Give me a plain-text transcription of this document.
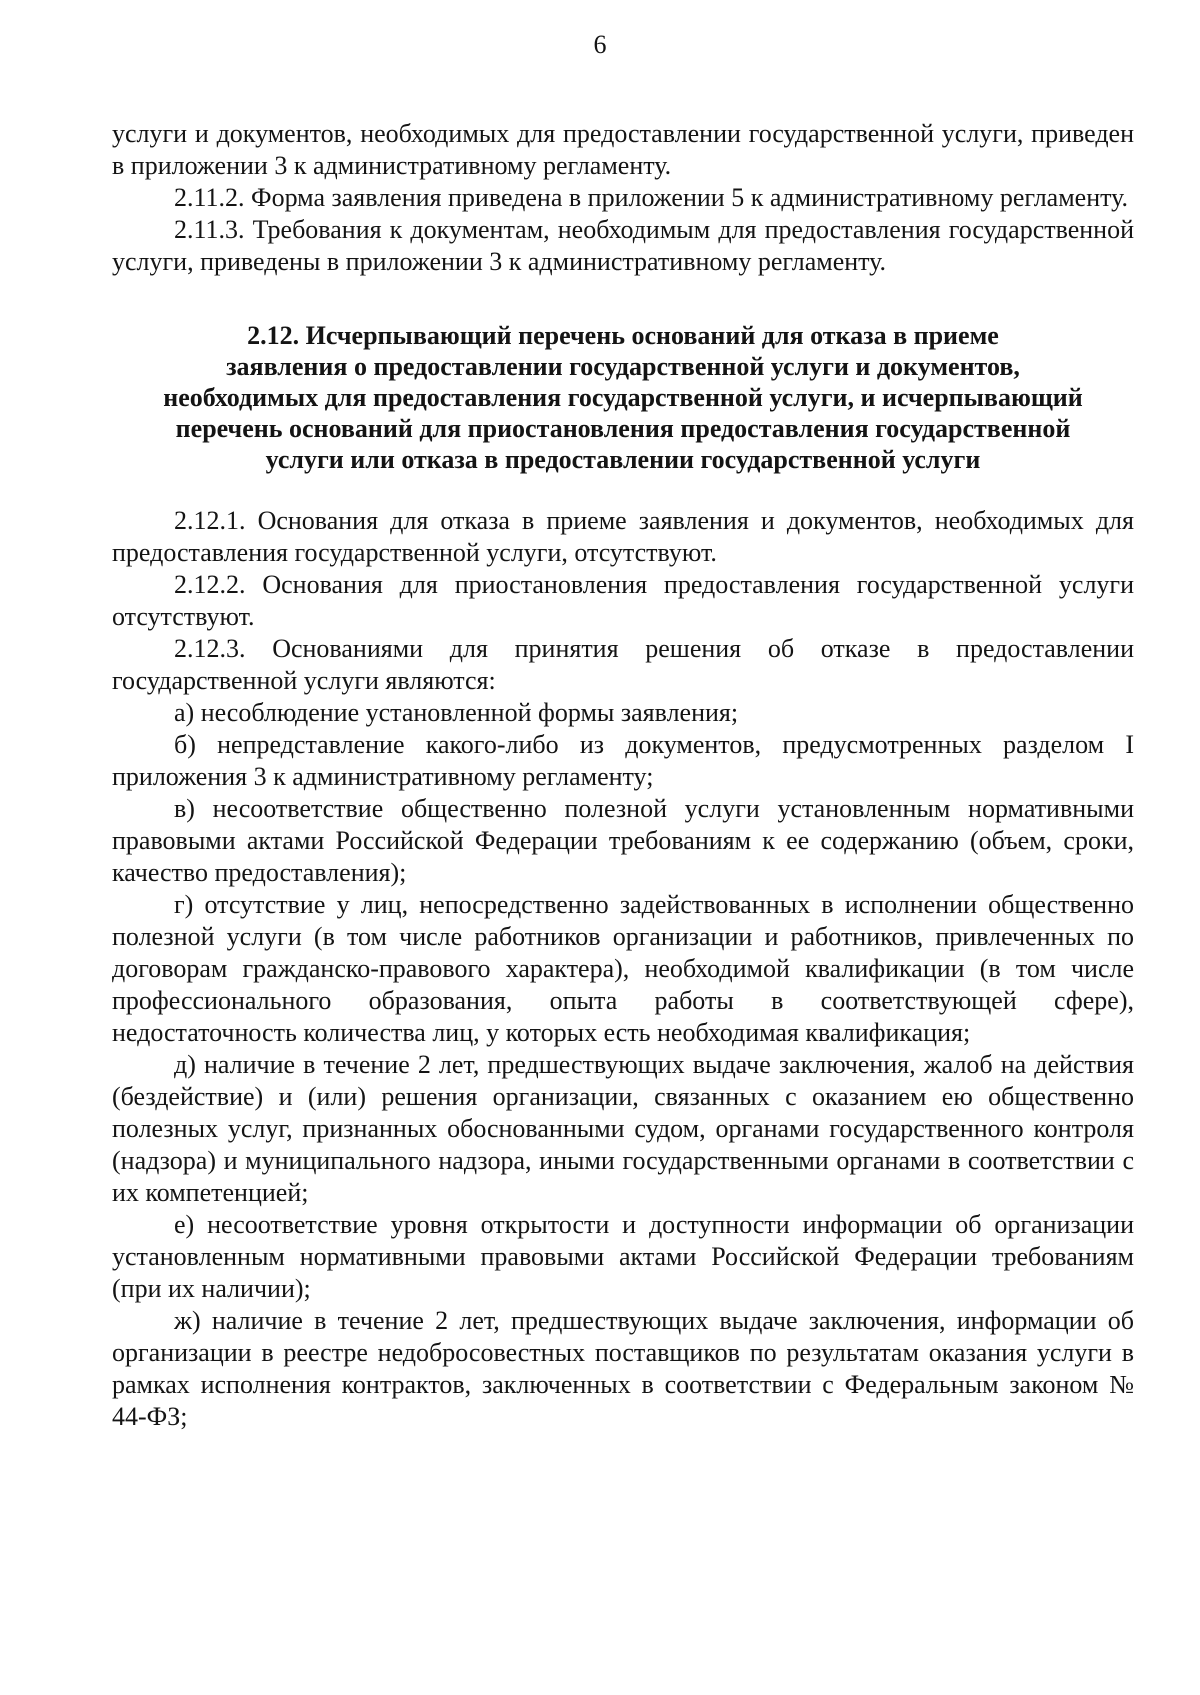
6

услуги и документов, необходимых для предоставлении государственной услуги, приведен в приложении 3 к административному регламенту.

2.11.2. Форма заявления приведена в приложении 5 к административному регламенту.

2.11.3. Требования к документам, необходимым для предоставления государственной услуги, приведены в приложении 3 к административному регламенту.

2.12. Исчерпывающий перечень оснований для отказа в приеме
заявления о предоставлении государственной услуги и документов,
необходимых для предоставления государственной услуги, и исчерпывающий
перечень оснований для приостановления предоставления государственной
услуги или отказа в предоставлении государственной услуги

2.12.1. Основания для отказа в приеме заявления и документов, необходимых для предоставления государственной услуги, отсутствуют.

2.12.2. Основания для приостановления предоставления государственной услуги отсутствуют.

2.12.3. Основаниями для принятия решения об отказе в предоставлении государственной услуги являются:

а) несоблюдение установленной формы заявления;

б) непредставление какого-либо из документов, предусмотренных разделом I приложения 3 к административному регламенту;

в) несоответствие общественно полезной услуги установленным нормативными правовыми актами Российской Федерации требованиям к ее содержанию (объем, сроки, качество предоставления);

г) отсутствие у лиц, непосредственно задействованных в исполнении общественно полезной услуги (в том числе работников организации и работников, привлеченных по договорам гражданско-правового характера), необходимой квалификации (в том числе профессионального образования, опыта работы в соответствующей сфере), недостаточность количества лиц, у которых есть необходимая квалификация;

д) наличие в течение 2 лет, предшествующих выдаче заключения, жалоб на действия (бездействие) и (или) решения организации, связанных с оказанием ею общественно полезных услуг, признанных обоснованными судом, органами государственного контроля (надзора) и муниципального надзора, иными государственными органами в соответствии с их компетенцией;

е) несоответствие уровня открытости и доступности информации об организации установленным нормативными правовыми актами Российской Федерации требованиям (при их наличии);

ж) наличие в течение 2 лет, предшествующих выдаче заключения, информации об организации в реестре недобросовестных поставщиков по результатам оказания услуги в рамках исполнения контрактов, заключенных в соответствии с Федеральным законом № 44-ФЗ;
